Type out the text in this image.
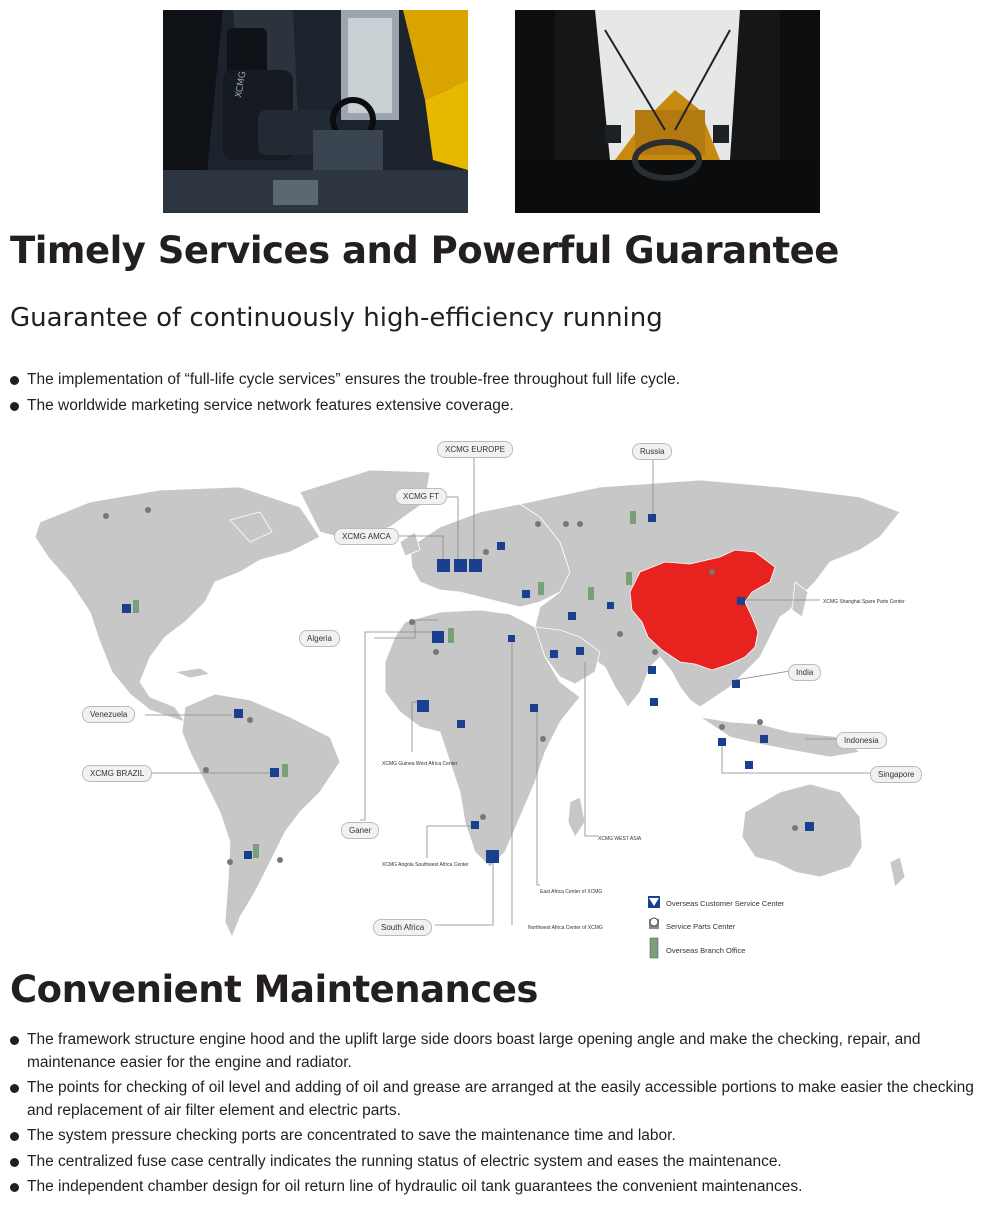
XCMG
Timely Services and Powerful Guarantee
Guarantee of continuously high-efficiency running
The implementation of “full-life cycle services” ensures the trouble-free throughout full life cycle.
The worldwide marketing service network features extensive coverage.
XCMG EUROPE	Russia
XCMG FT
XCMG AMCA
Algeria
Venezuela
XCMG BRAZIL
India
Indonesia
Singapore
Ganer
South Africa
XCMG Shanghai Spare Parts Center
XCMG Guinea West Africa Center
XCMG Angola Southwest Africa Center
XCMG WEST ASIA
East Africa Center of XCMG
Northwest Africa Center of XCMG
Overseas Customer Service Center
Service Parts Center
Overseas Branch Office
Convenient Maintenances
The framework structure engine hood and the uplift large side doors boast large opening angle and make the checking, repair, and maintenance easier for the engine and radiator.
The points for checking of oil level and adding of oil and grease are arranged at the easily accessible portions to make easier the checking and replacement of air filter element and electric parts.
The system pressure checking ports are concentrated to save the maintenance time and labor.
The centralized fuse case centrally indicates the running status of electric system and eases the maintenance.
The independent chamber design for oil return line of hydraulic oil tank guarantees the convenient maintenances.
